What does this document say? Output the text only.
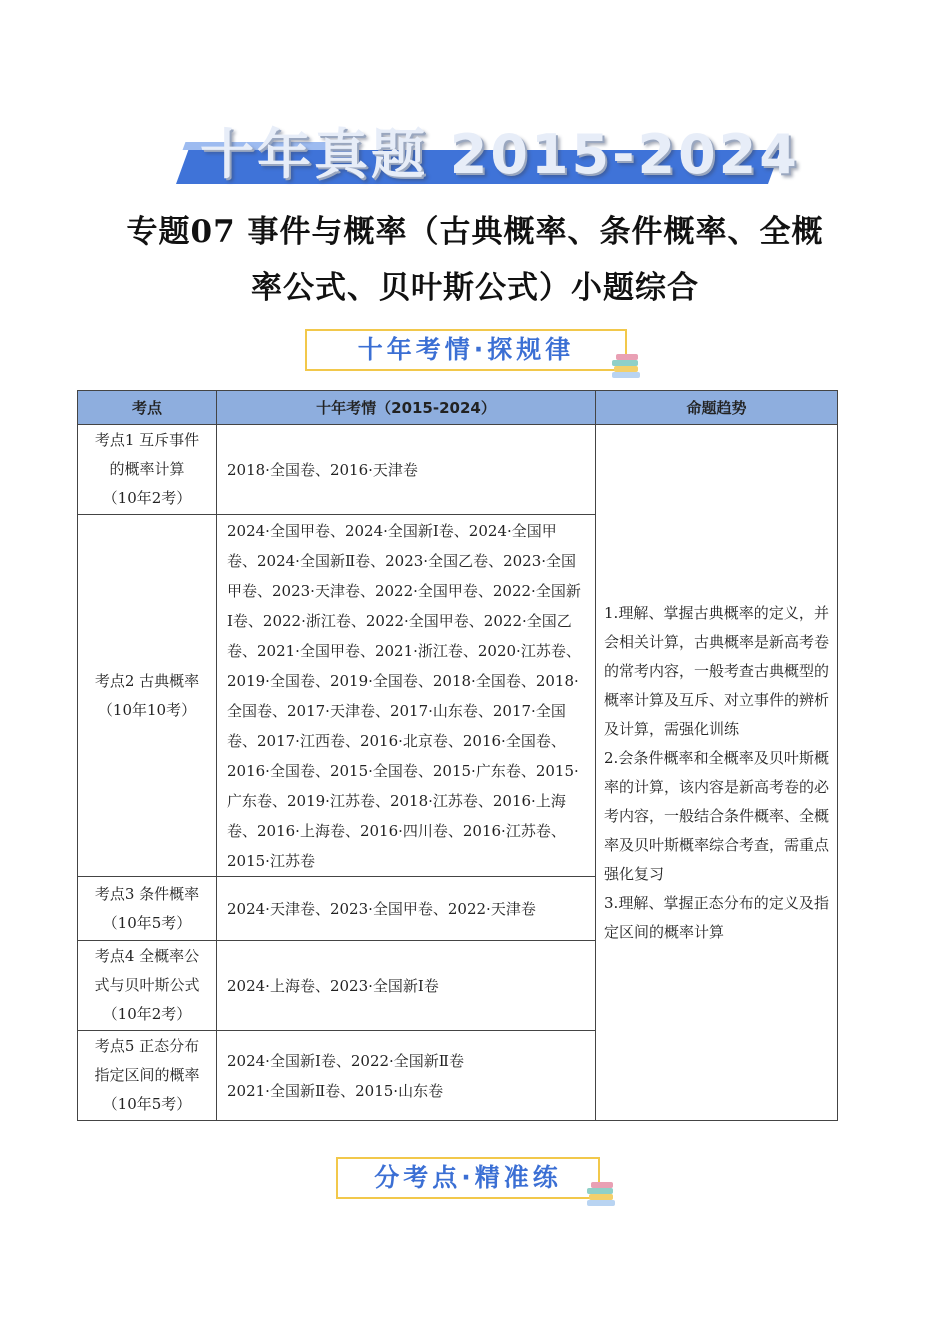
十年真题 2015-2024
专题07 事件与概率（古典概率、条件概率、全概
率公式、贝叶斯公式）小题综合
十年考情·探规律
考点	十年考情（2015-2024）	命题趋势

考点1 互斥事件
的概率计算
（10年2考）	2018·全国卷、2016·天津卷	1.理解、掌握古典概率的定义，并会相关计算，古典概率是新高考卷的常考内容，一般考查古典概型的概率计算及互斥、对立事件的辨析及计算，需强化训练
2.会条件概率和全概率及贝叶斯概率的计算，该内容是新高考卷的必考内容，一般结合条件概率、全概率及贝叶斯概率综合考查，需重点强化复习
3.理解、掌握正态分布的定义及指定区间的概率计算

考点2 古典概率
（10年10考）	2024·全国甲卷、2024·全国新Ⅰ卷、2024·全国甲卷、2024·全国新Ⅱ卷、2023·全国乙卷、2023·全国甲卷、2023·天津卷、2022·全国甲卷、2022·全国新Ⅰ卷、2022·浙江卷、2022·全国甲卷、2022·全国乙卷、2021·全国甲卷、2021·浙江卷、2020·江苏卷、2019·全国卷、2019·全国卷、2018·全国卷、2018·全国卷、2017·天津卷、2017·山东卷、2017·全国卷、2017·江西卷、2016·北京卷、2016·全国卷、2016·全国卷、2015·全国卷、2015·广东卷、2015·广东卷、2019·江苏卷、2018·江苏卷、2016·上海卷、2016·上海卷、2016·四川卷、2016·江苏卷、2015·江苏卷	

考点3 条件概率
（10年5考）	2024·天津卷、2023·全国甲卷、2022·天津卷	

考点4 全概率公
式与贝叶斯公式
（10年2考）	2024·上海卷、2023·全国新Ⅰ卷	

考点5 正态分布
指定区间的概率
（10年5考）	2024·全国新Ⅰ卷、2022·全国新Ⅱ卷
2021·全国新Ⅱ卷、2015·山东卷	
分考点·精准练
